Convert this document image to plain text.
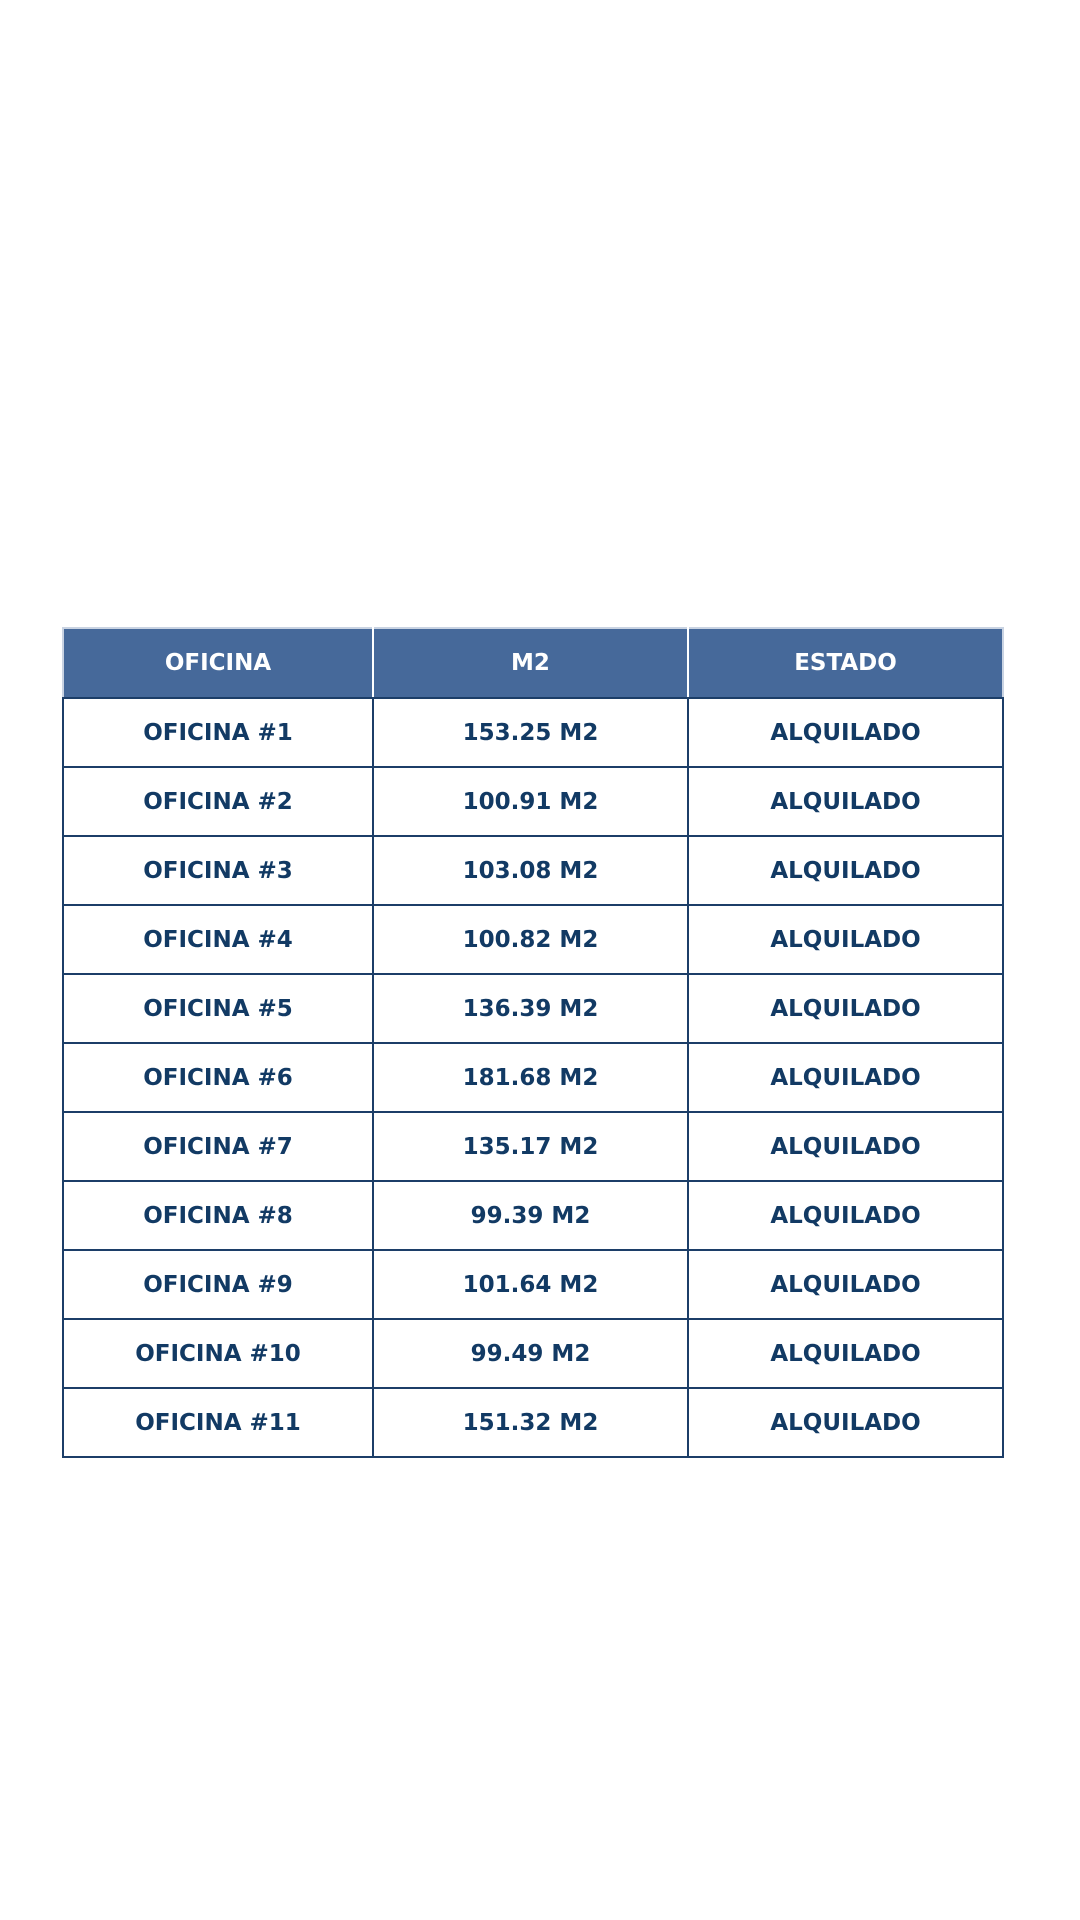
OFICINA	M2	ESTADO
OFICINA #1	153.25 M2	ALQUILADO
OFICINA #2	100.91 M2	ALQUILADO
OFICINA #3	103.08 M2	ALQUILADO
OFICINA #4	100.82 M2	ALQUILADO
OFICINA #5	136.39 M2	ALQUILADO
OFICINA #6	181.68 M2	ALQUILADO
OFICINA #7	135.17 M2	ALQUILADO
OFICINA #8	99.39 M2	ALQUILADO
OFICINA #9	101.64 M2	ALQUILADO
OFICINA #10	99.49 M2	ALQUILADO
OFICINA #11	151.32 M2	ALQUILADO
